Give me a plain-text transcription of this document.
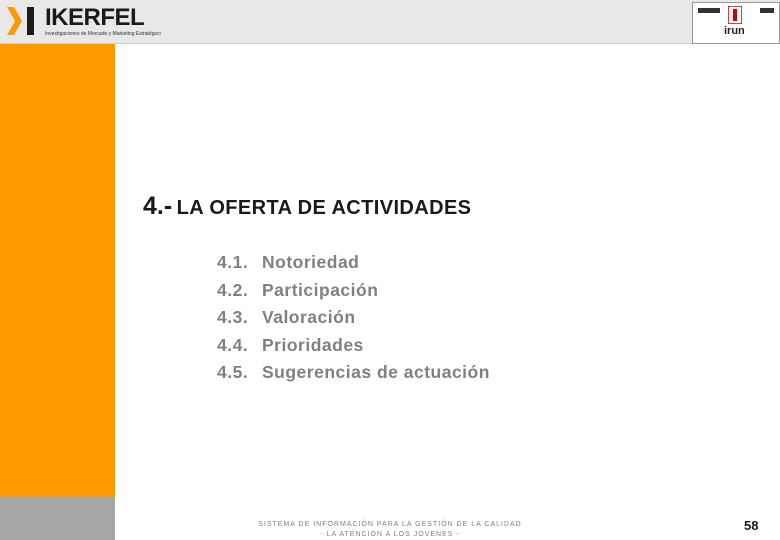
IKERFEL
Investigaciones de Mercado y Marketing Estratégico	irun
4.- LA OFERTA DE ACTIVIDADES
4.1. Notoriedad
4.2. Participación
4.3. Valoración
4.4. Prioridades
4.5. Sugerencias de actuación
SISTEMA DE INFORMACIÓN PARA LA GESTIÓN DE LA CALIDAD
- LA ATENCIÓN A LOS JÓVENES -
58
